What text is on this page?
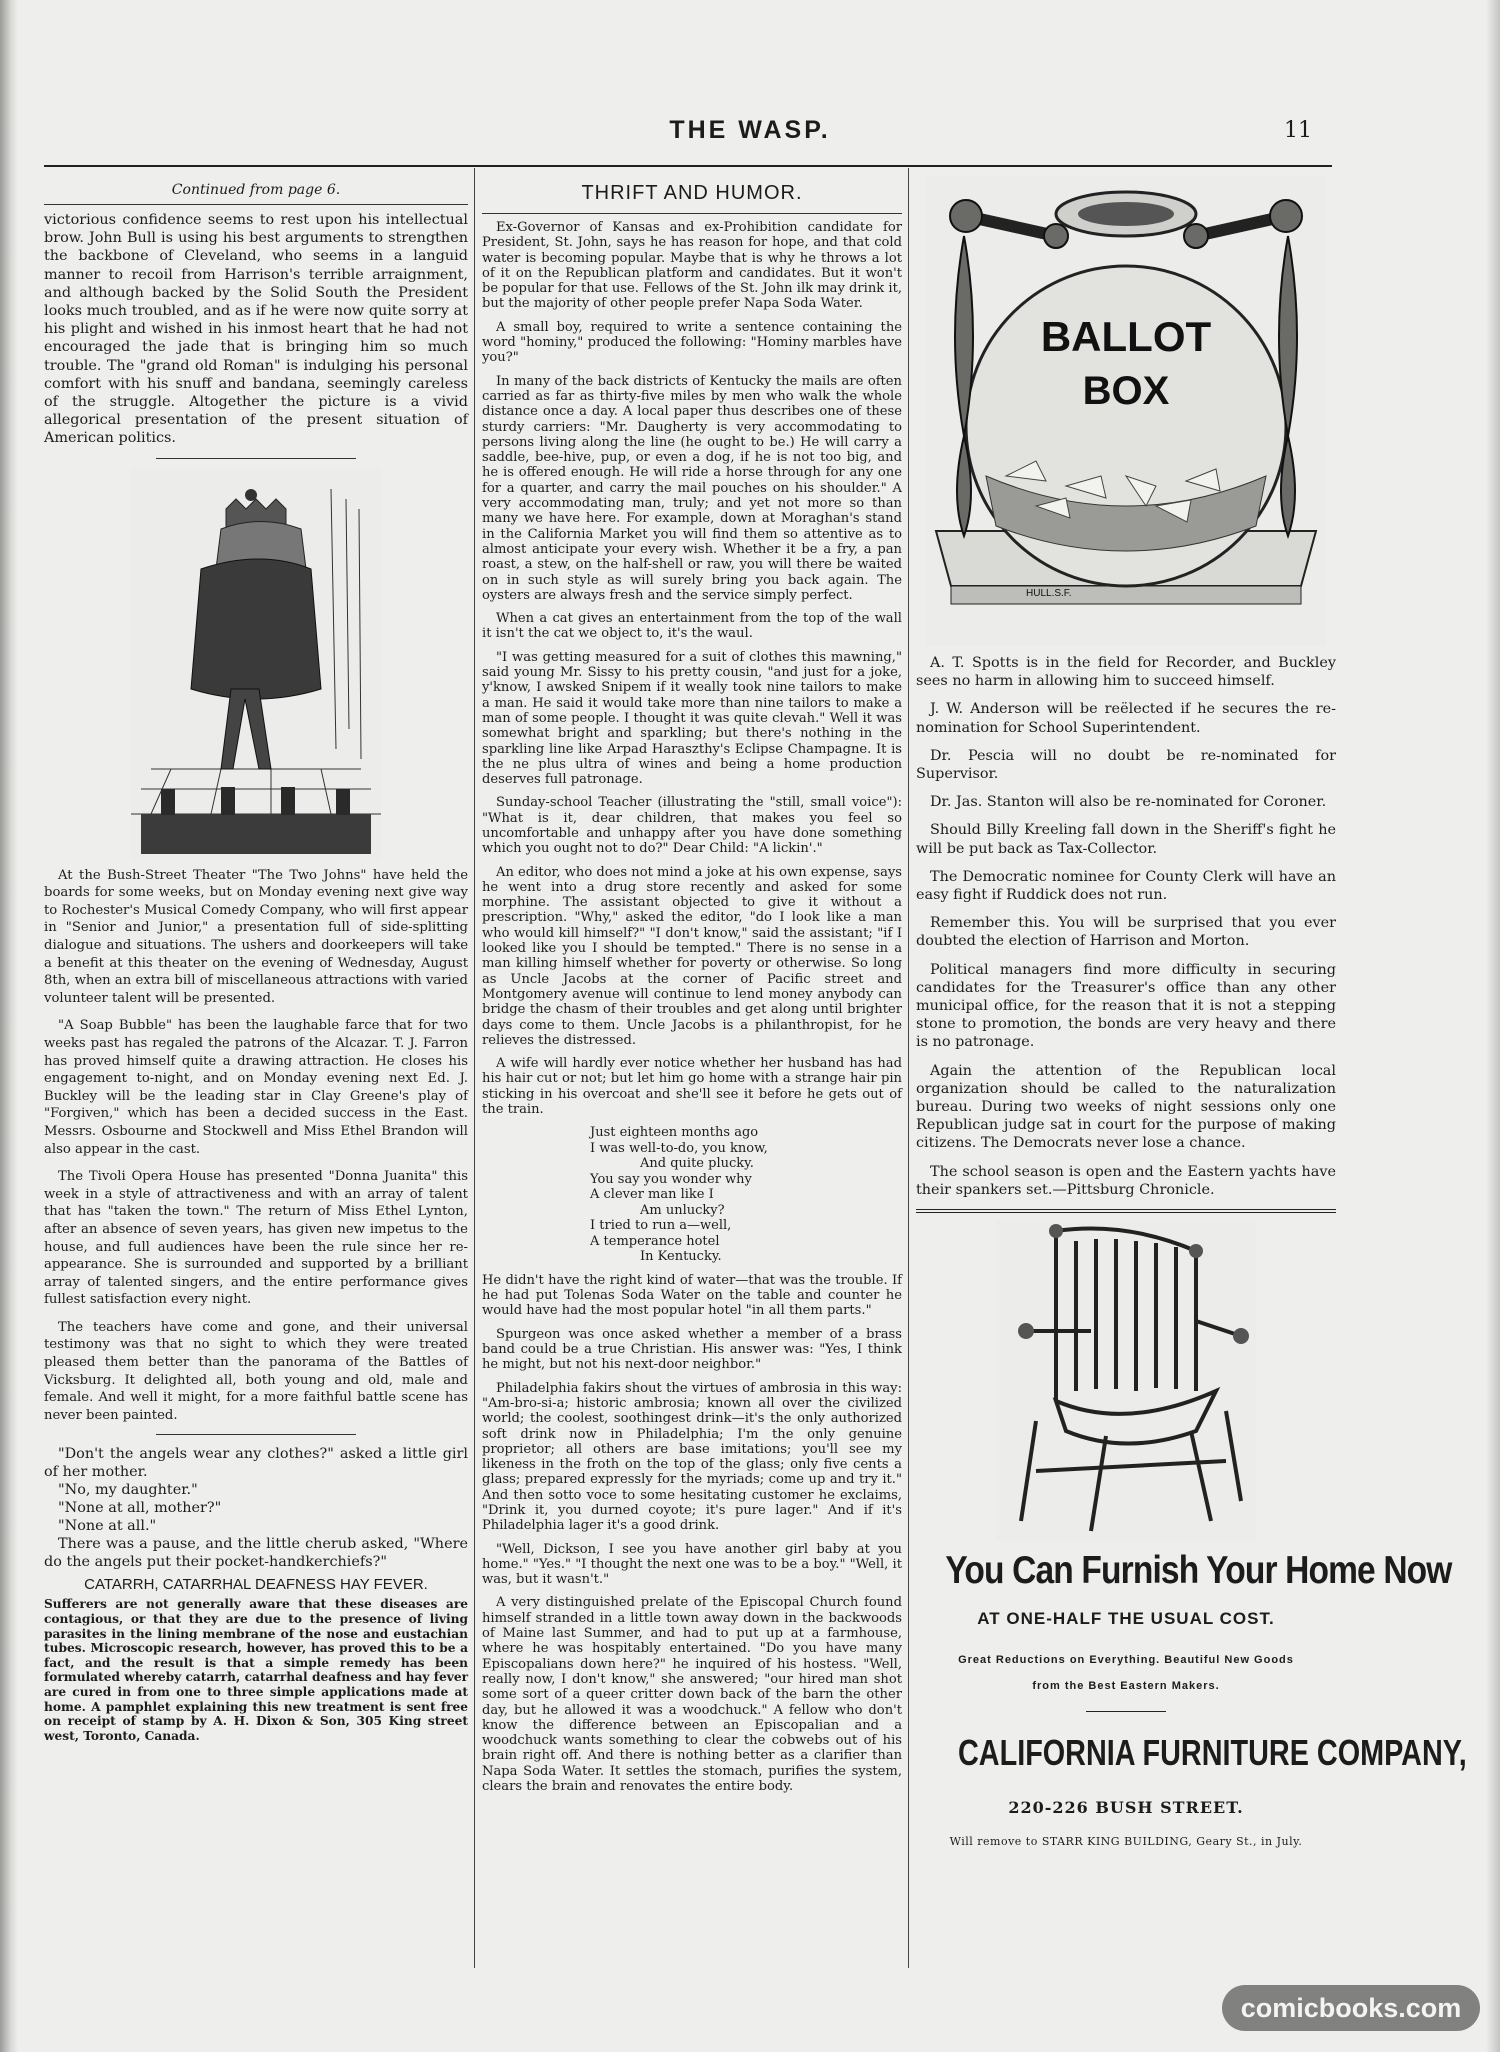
THE WASP.	11
Continued from page 6.

victorious confidence seems to rest upon his intellectual brow. John Bull is using his best arguments to strengthen the backbone of Cleveland, who seems in a languid manner to recoil from Harrison's terrible arraignment, and although backed by the Solid South the President looks much troubled, and as if he were now quite sorry at his plight and wished in his inmost heart that he had not encouraged the jade that is bringing him so much trouble. The "grand old Roman" is indulging his personal comfort with his snuff and bandana, seemingly careless of the struggle. Altogether the picture is a vivid allegorical presentation of the present situation of American politics.

At the Bush-Street Theater "The Two Johns" have held the boards for some weeks, but on Monday evening next give way to Rochester's Musical Comedy Company, who will first appear in "Senior and Junior," a presentation full of side-splitting dialogue and situations. The ushers and doorkeepers will take a benefit at this theater on the evening of Wednesday, August 8th, when an extra bill of miscellaneous attractions with varied volunteer talent will be presented.

"A Soap Bubble" has been the laughable farce that for two weeks past has regaled the patrons of the Alcazar. T. J. Farron has proved himself quite a drawing attraction. He closes his engagement to-night, and on Monday evening next Ed. J. Buckley will be the leading star in Clay Greene's play of "Forgiven," which has been a decided success in the East. Messrs. Osbourne and Stockwell and Miss Ethel Brandon will also appear in the cast.

The Tivoli Opera House has presented "Donna Juanita" this week in a style of attractiveness and with an array of talent that has "taken the town." The return of Miss Ethel Lynton, after an absence of seven years, has given new impetus to the house, and full audiences have been the rule since her re-appearance. She is surrounded and supported by a brilliant array of talented singers, and the entire performance gives fullest satisfaction every night.

The teachers have come and gone, and their universal testimony was that no sight to which they were treated pleased them better than the panorama of the Battles of Vicksburg. It delighted all, both young and old, male and female. And well it might, for a more faithful battle scene has never been painted.

"Don't the angels wear any clothes?" asked a little girl of her mother.
"No, my daughter."
"None at all, mother?"
"None at all."
There was a pause, and the little cherub asked, "Where do the angels put their pocket-handkerchiefs?"
CATARRH, CATARRHAL DEAFNESS HAY FEVER.

Sufferers are not generally aware that these diseases are contagious, or that they are due to the presence of living parasites in the lining membrane of the nose and eustachian tubes. Microscopic research, however, has proved this to be a fact, and the result is that a simple remedy has been formulated whereby catarrh, catarrhal deafness and hay fever are cured in from one to three simple applications made at home. A pamphlet explaining this new treatment is sent free on receipt of stamp by A. H. Dixon & Son, 305 King street west, Toronto, Canada.

THRIFT AND HUMOR.

Ex-Governor of Kansas and ex-Prohibition candidate for President, St. John, says he has reason for hope, and that cold water is becoming popular. Maybe that is why he throws a lot of it on the Republican platform and candidates. But it won't be popular for that use. Fellows of the St. John ilk may drink it, but the majority of other people prefer Napa Soda Water.

A small boy, required to write a sentence containing the word "hominy," produced the following: "Hominy marbles have you?"

In many of the back districts of Kentucky the mails are often carried as far as thirty-five miles by men who walk the whole distance once a day. A local paper thus describes one of these sturdy carriers: "Mr. Daugherty is very accommodating to persons living along the line (he ought to be.) He will carry a saddle, bee-hive, pup, or even a dog, if he is not too big, and he is offered enough. He will ride a horse through for any one for a quarter, and carry the mail pouches on his shoulder." A very accommodating man, truly; and yet not more so than many we have here. For example, down at Moraghan's stand in the California Market you will find them so attentive as to almost anticipate your every wish. Whether it be a fry, a pan roast, a stew, on the half-shell or raw, you will there be waited on in such style as will surely bring you back again. The oysters are always fresh and the service simply perfect.

When a cat gives an entertainment from the top of the wall it isn't the cat we object to, it's the waul.

"I was getting measured for a suit of clothes this mawning," said young Mr. Sissy to his pretty cousin, "and just for a joke, y'know, I awsked Snipem if it weally took nine tailors to make a man. He said it would take more than nine tailors to make a man of some people. I thought it was quite clevah." Well it was somewhat bright and sparkling; but there's nothing in the sparkling line like Arpad Haraszthy's Eclipse Champagne. It is the ne plus ultra of wines and being a home production deserves full patronage.

Sunday-school Teacher (illustrating the "still, small voice"): "What is it, dear children, that makes you feel so uncomfortable and unhappy after you have done something which you ought not to do?" Dear Child: "A lickin'."

An editor, who does not mind a joke at his own expense, says he went into a drug store recently and asked for some morphine. The assistant objected to give it without a prescription. "Why," asked the editor, "do I look like a man who would kill himself?" "I don't know," said the assistant; "if I looked like you I should be tempted." There is no sense in a man killing himself whether for poverty or otherwise. So long as Uncle Jacobs at the corner of Pacific street and Montgomery avenue will continue to lend money anybody can bridge the chasm of their troubles and get along until brighter days come to them. Uncle Jacobs is a philanthropist, for he relieves the distressed.

A wife will hardly ever notice whether her husband has had his hair cut or not; but let him go home with a strange hair pin sticking in his overcoat and she'll see it before he gets out of the train.

Just eighteen months ago
I was well-to-do, you know,
And quite plucky.
You say you wonder why
A clever man like I
Am unlucky?
I tried to run a—well,
A temperance hotel
In Kentucky.

He didn't have the right kind of water—that was the trouble. If he had put Tolenas Soda Water on the table and counter he would have had the most popular hotel "in all them parts."

Spurgeon was once asked whether a member of a brass band could be a true Christian. His answer was: "Yes, I think he might, but not his next-door neighbor."

Philadelphia fakirs shout the virtues of ambrosia in this way: "Am-bro-si-a; historic ambrosia; known all over the civilized world; the coolest, soothingest drink—it's the only authorized soft drink now in Philadelphia; I'm the only genuine proprietor; all others are base imitations; you'll see my likeness in the froth on the top of the glass; only five cents a glass; prepared expressly for the myriads; come up and try it." And then sotto voce to some hesitating customer he exclaims, "Drink it, you durned coyote; it's pure lager." And if it's Philadelphia lager it's a good drink.

"Well, Dickson, I see you have another girl baby at you home." "Yes." "I thought the next one was to be a boy." "Well, it was, but it wasn't."

A very distinguished prelate of the Episcopal Church found himself stranded in a little town away down in the backwoods of Maine last Summer, and had to put up at a farmhouse, where he was hospitably entertained. "Do you have many Episcopalians down here?" he inquired of his hostess. "Well, really now, I don't know," she answered; "our hired man shot some sort of a queer critter down back of the barn the other day, but he allowed it was a woodchuck." A fellow who don't know the difference between an Episcopalian and a woodchuck wants something to clear the cobwebs out of his brain right off. And there is nothing better as a clarifier than Napa Soda Water. It settles the stomach, purifies the system, clears the brain and renovates the entire body.

BALLOT
BOX
HULL.S.F.

A. T. Spotts is in the field for Recorder, and Buckley sees no harm in allowing him to succeed himself.

J. W. Anderson will be reëlected if he secures the re-nomination for School Superintendent.

Dr. Pescia will no doubt be re-nominated for Supervisor.

Dr. Jas. Stanton will also be re-nominated for Coroner.

Should Billy Kreeling fall down in the Sheriff's fight he will be put back as Tax-Collector.

The Democratic nominee for County Clerk will have an easy fight if Ruddick does not run.

Remember this. You will be surprised that you ever doubted the election of Harrison and Morton.

Political managers find more difficulty in securing candidates for the Treasurer's office than any other municipal office, for the reason that it is not a stepping stone to promotion, the bonds are very heavy and there is no patronage.

Again the attention of the Republican local organization should be called to the naturalization bureau. During two weeks of night sessions only one Republican judge sat in court for the purpose of making citizens. The Democrats never lose a chance.

The school season is open and the Eastern yachts have their spankers set.—Pittsburg Chronicle.

You Can Furnish Your Home Now
AT ONE-HALF THE USUAL COST.
Great Reductions on Everything. Beautiful New Goods
from the Best Eastern Makers.
CALIFORNIA FURNITURE COMPANY,
220-226 BUSH STREET.
Will remove to STARR KING BUILDING, Geary St., in July.
comicbooks.com
